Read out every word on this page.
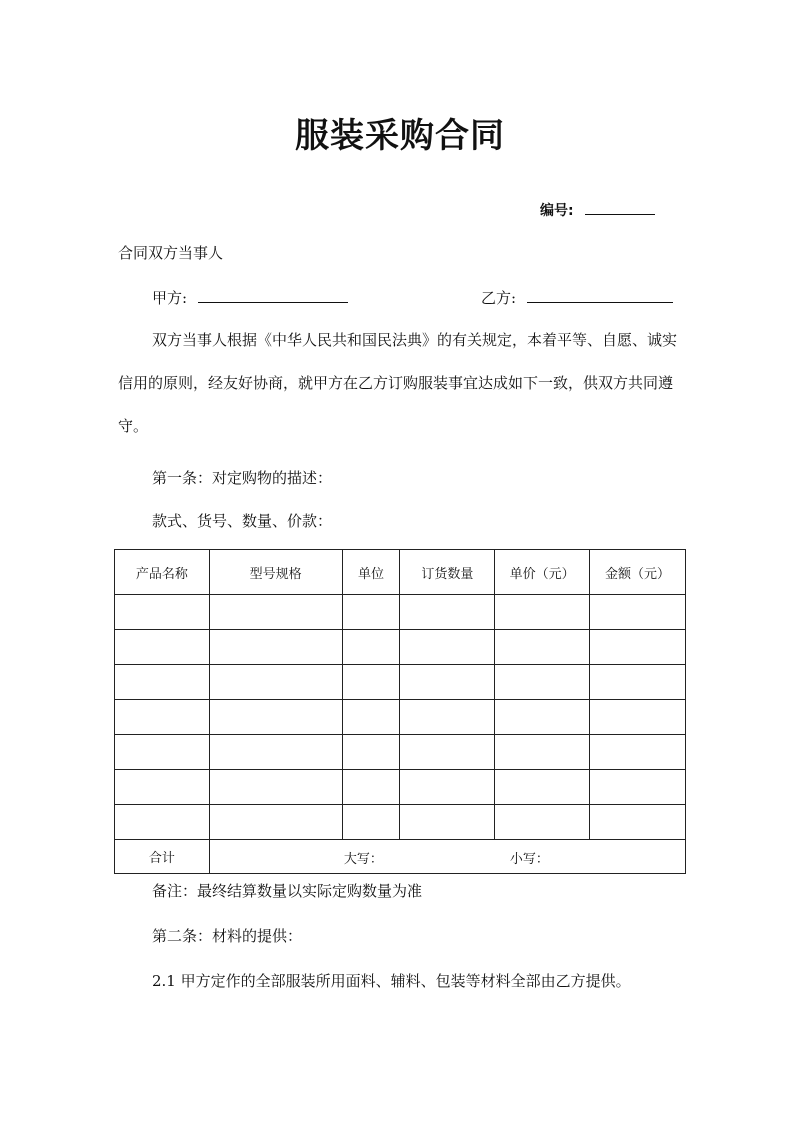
服装采购合同
编号:
合同双方当事人
甲方:	乙方:
双方当事人根据《中华人民共和国民法典》的有关规定，本着平等、自愿、诚实信用的原则，经友好协商，就甲方在乙方订购服装事宜达成如下一致，供双方共同遵守。
第一条：对定购物的描述：
款式、货号、数量、价款：
产品名称	型号规格	单位	订货数量	单价（元）	金额（元）

合计	大写： 小写：				
备注：最终结算数量以实际定购数量为准
第二条：材料的提供：
2.1 甲方定作的全部服装所用面料、辅料、包装等材料全部由乙方提供。
